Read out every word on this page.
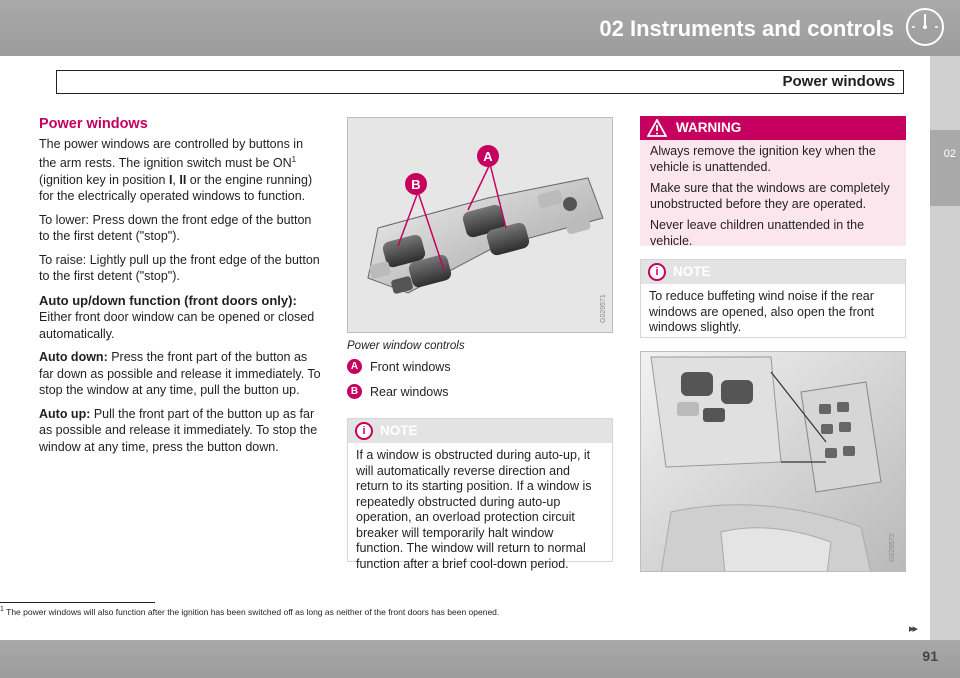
02 Instruments and controls
Power windows
02
Power windows

The power windows are controlled by buttons in the arm rests. The ignition switch must be $ON^1$ (ignition key in position I, II or the engine running) for the electrically operated windows to function.

To lower: Press down the front edge of the button to the first detent ("stop").

To raise: Lightly pull up the front edge of the button to the first detent ("stop").

Auto up/down function (front doors only):

Either front door window can be opened or closed automatically.

Auto down: Press the front part of the button as far down as possible and release it immediately. To stop the window at any time, pull the button up.

Auto up: Pull the front part of the button up as far as possible and release it immediately. To stop the window at any time, press the button down.

A
B
G029571
Power window controls
A Front windows
B Rear windows
i	NOTE
If a window is obstructed during auto-up, it will automatically reverse direction and return to its starting position. If a window is repeatedly obstructed during auto-up operation, an overload protection circuit breaker will temporarily halt window function. The window will return to normal function after a brief cool-down period.
WARNING

Always remove the ignition key when the vehicle is unattended.

Make sure that the windows are completely unobstructed before they are operated.

Never leave children unattended in the vehicle.

i	NOTE
To reduce buffeting wind noise if the rear windows are opened, also open the front windows slightly.
G029572
$^1$ The power windows will also function after the ignition has been switched off as long as neither of the front doors has been opened.
▸▸
91
